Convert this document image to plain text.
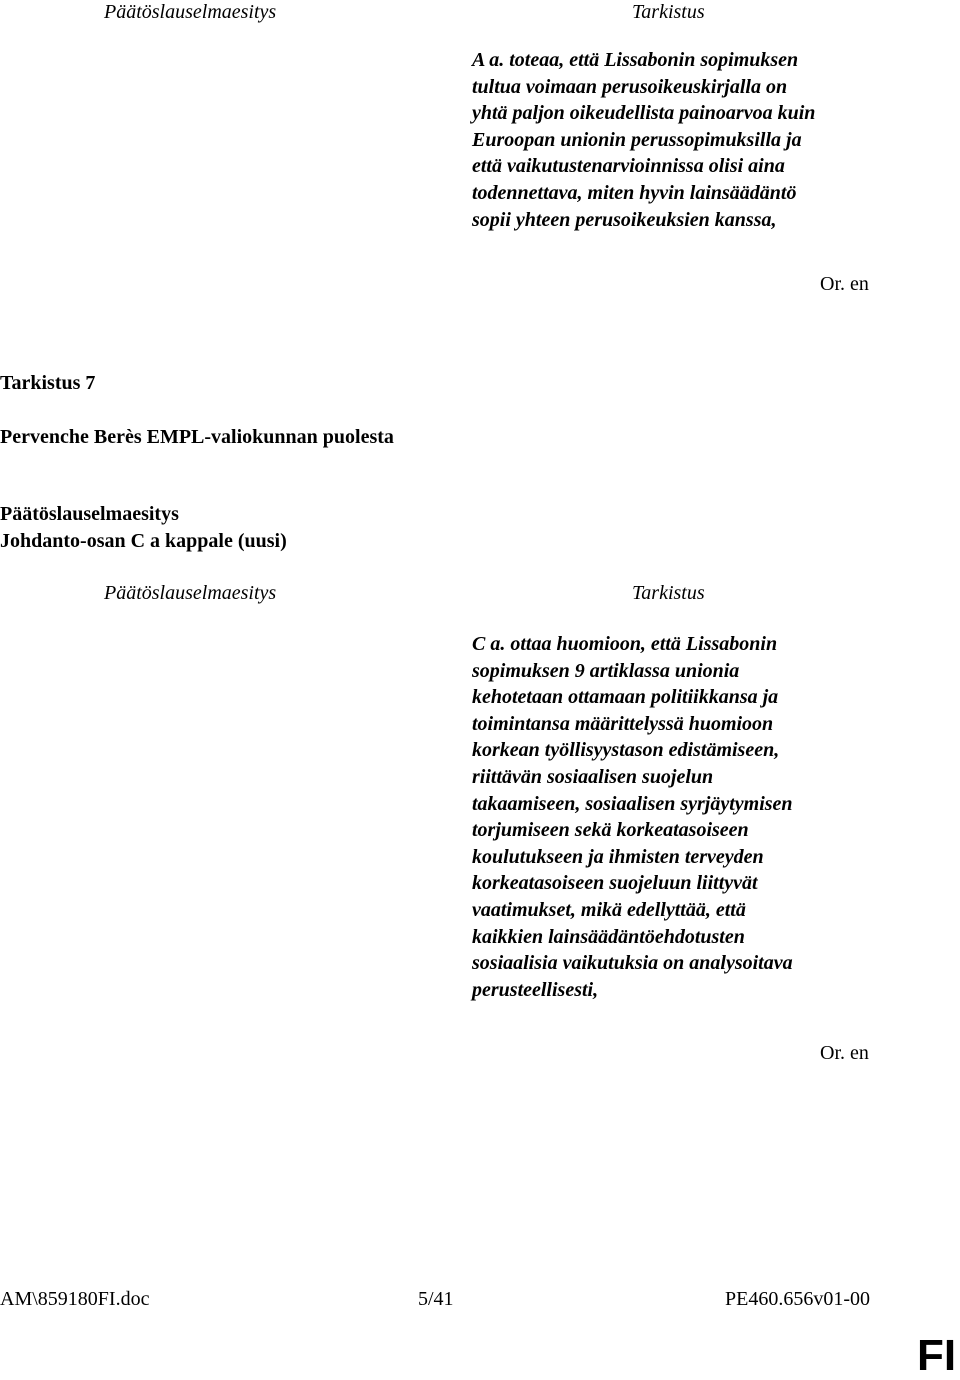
Päätöslauselmaesitys	Tarkistus
A a. toteaa, että Lissabonin sopimuksen
tultua voimaan perusoikeuskirjalla on
yhtä paljon oikeudellista painoarvoa kuin
Euroopan unionin perussopimuksilla ja
että vaikutustenarvioinnissa olisi aina
todennettava, miten hyvin lainsäädäntö
sopii yhteen perusoikeuksien kanssa,
Or. en
Tarkistus 7
Pervenche Berès EMPL-valiokunnan puolesta
Päätöslauselmaesitys
Johdanto-osan C a kappale (uusi)
Päätöslauselmaesitys	Tarkistus
C a. ottaa huomioon, että Lissabonin
sopimuksen 9 artiklassa unionia
kehotetaan ottamaan politiikkansa ja
toimintansa määrittelyssä huomioon
korkean työllisyystason edistämiseen,
riittävän sosiaalisen suojelun
takaamiseen, sosiaalisen syrjäytymisen
torjumiseen sekä korkeatasoiseen
koulutukseen ja ihmisten terveyden
korkeatasoiseen suojeluun liittyvät
vaatimukset, mikä edellyttää, että
kaikkien lainsäädäntöehdotusten
sosiaalisia vaikutuksia on analysoitava
perusteellisesti,
Or. en
AM\859180FI.doc	5/41	PE460.656v01-00
FI
